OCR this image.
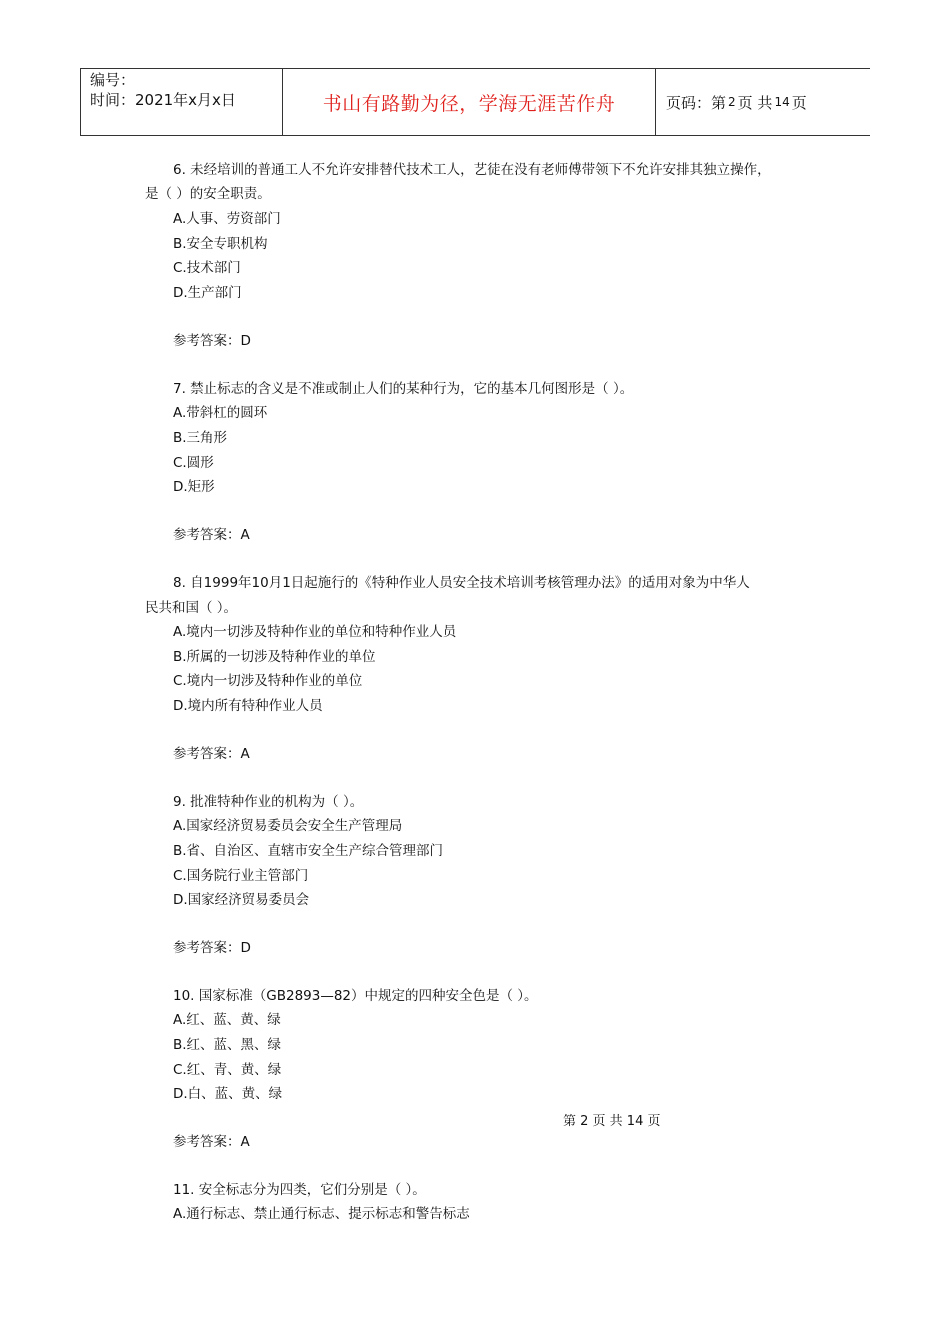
编号：
时间：2021年x月x日	书山有路勤为径，学海无涯苦作舟	页码：第 2 页 共 14 页
6. 未经培训的普通工人不允许安排替代技术工人，艺徒在没有老师傅带领下不允许安排其独立操作，
是（ ）的安全职责。
A.人事、劳资部门
B.安全专职机构
C.技术部门
D.生产部门
参考答案：D
7. 禁止标志的含义是不准或制止人们的某种行为，它的基本几何图形是（ ）。
A.带斜杠的圆环
B.三角形
C.圆形
D.矩形
参考答案：A
8. 自1999年10月1日起施行的《特种作业人员安全技术培训考核管理办法》的适用对象为中华人
民共和国（ ）。
A.境内一切涉及特种作业的单位和特种作业人员
B.所属的一切涉及特种作业的单位
C.境内一切涉及特种作业的单位
D.境内所有特种作业人员
参考答案：A
9. 批准特种作业的机构为（ ）。
A.国家经济贸易委员会安全生产管理局
B.省、自治区、直辖市安全生产综合管理部门
C.国务院行业主管部门
D.国家经济贸易委员会
参考答案：D
10. 国家标准（GB2893—82）中规定的四种安全色是（ ）。
A.红、蓝、黄、绿
B.红、蓝、黑、绿
C.红、青、黄、绿
D.白、蓝、黄、绿
第 2 页 共 14 页
参考答案：A
11. 安全标志分为四类，它们分别是（ ）。
A.通行标志、禁止通行标志、提示标志和警告标志
